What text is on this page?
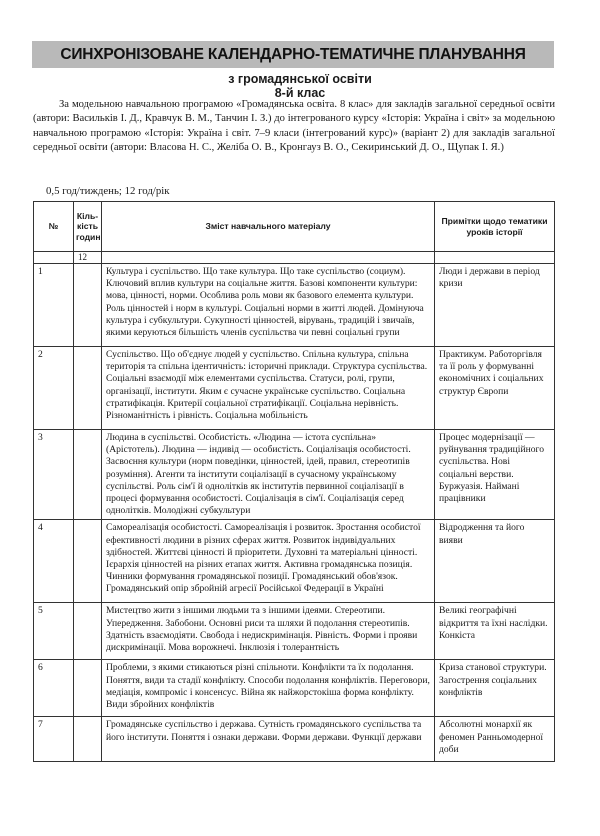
СИНХРОНІЗОВАНЕ КАЛЕНДАРНО-ТЕМАТИЧНЕ ПЛАНУВАННЯ
з громадянської освіти
8-й клас

За модельною навчальною програмою «Громадянська освіта. 8 клас» для закладів загальної середньої освіти (автори: Васильків І. Д., Кравчук В. М., Танчин І. З.) до інтегрованого курсу «Історія: Україна і світ» за модельною навчальною програмою «Історія: Україна і світ. 7–9 класи (інтегрований курс)» (варіант 2) для закладів загальної середньої освіти (автори: Власова Н. С., Желіба О. В., Кронгауз В. О., Секиринський Д. О., Щупак І. Я.)

0,5 год/тиждень; 12 год/рік
№	Кіль-кість годин	Зміст навчального матеріалу	Примітки щодо тематики уроків історії
	12		
1		Культура і суспільство. Що таке культура. Що таке суспільство (социум). Ключовий вплив культури на соціальне життя. Базові компоненти культури: мова, цінності, норми. Особлива роль мови як базового елемента культури. Роль цінностей і норм в культурі. Соціальні норми в житті людей. Домінуюча культура і субкультури. Сукупності цінностей, вірувань, традицій і звичаїв, якими керуються більшість членів суспільства чи певні соціальні групи	Люди і держави в період кризи
2		Суспільство. Що об'єднує людей у суспільство. Спільна культура, спільна територія та спільна ідентичність: історичні приклади. Структура суспільства. Соціальні взаємодії між елементами суспільства. Статуси, ролі, групи, організації, інститути. Яким є сучасне українське суспільство. Соціальна стратифікація. Критерії соціальної стратифікації. Соціальна нерівність. Різноманітність і рівність. Соціальна мобільність	Практикум. Работоргівля та її роль у формуванні економічних і соціальних структур Європи
3		Людина в суспільстві. Особистість. «Людина — істота суспільна» (Арістотель). Людина — індивід — особистість. Соціалізація особистості. Засвоєння культури (норм поведінки, цінностей, ідей, правил, стереотипів розуміння). Агенти та інститути соціалізації в сучасному українському суспільстві. Роль сім'ї й однолітків як інститутів первинної соціалізації в процесі формування особистості. Соціалізація в сім'ї. Соціалізація серед однолітків. Молодіжні субкультури	Процес модернізації — руйнування традиційного суспільства. Нові соціальні верстви. Буржуазія. Наймані працівники
4		Самореалізація особистості. Самореалізація і розвиток. Зростання особистої ефективності людини в різних сферах життя. Розвиток індивідуальних здібностей. Життєві цінності й пріоритети. Духовні та матеріальні цінності. Ієрархія цінностей на різних етапах життя. Активна громадянська позиція. Чинники формування громадянської позиції. Громадянський обов'язок. Громадянський опір збройній агресії Російської Федерації в Україні	Відродження та його вияви
5		Мистецтво жити з іншими людьми та з іншими ідеями. Стереотипи. Упередження. Забобони. Основні риси та шляхи й подолання стереотипів. Здатність взаємодіяти. Свобода і недискримінація. Рівність. Форми і прояви дискримінації. Мова ворожнечі. Інклюзія і толерантність	Великі географічні відкриття та їхні наслідки. Конкіста
6		Проблеми, з якими стикаються різні спільноти. Конфлікти та їх подолання. Поняття, види та стадії конфлікту. Способи подолання конфліктів. Переговори, медіація, компроміс і консенсус. Війна як найжорстокіша форма конфлікту. Види збройних конфліктів	Криза станової структури. Загострення соціальних конфліктів
7		Громадянське суспільство і держава. Сутність громадянського суспільства та його інститути. Поняття і ознаки держави. Форми держави. Функції держави	Абсолютні монархії як феномен Ранньомодерної доби
